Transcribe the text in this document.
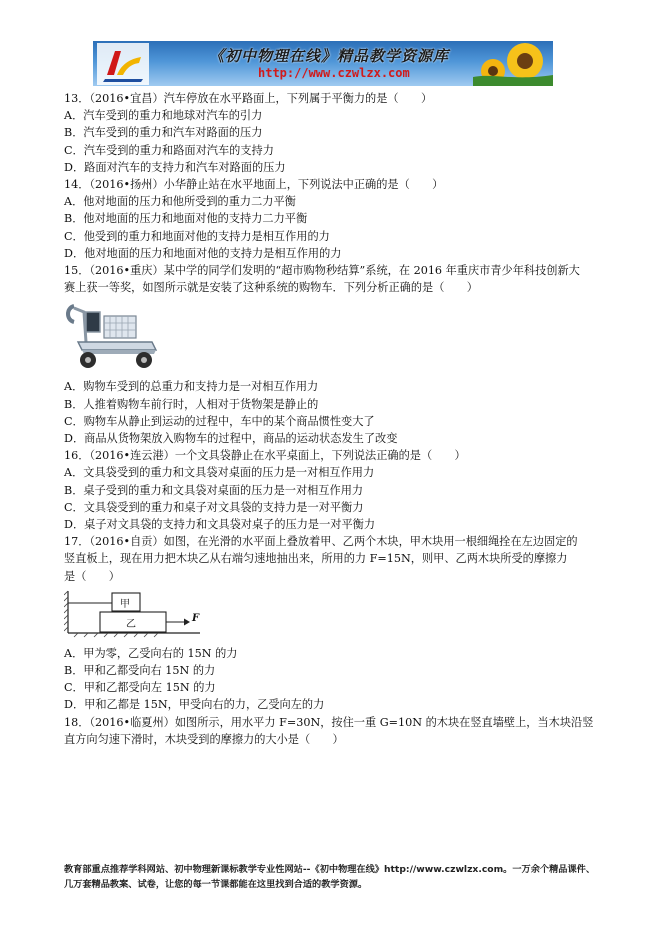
《初中物理在线》精品教学资源库
http://www.czwlzx.com

13．（2016•宜昌）汽车停放在水平路面上，下列属于平衡力的是（　　）

A．汽车受到的重力和地球对汽车的引力

B．汽车受到的重力和汽车对路面的压力

C．汽车受到的重力和路面对汽车的支持力

D．路面对汽车的支持力和汽车对路面的压力

14．（2016•扬州）小华静止站在水平地面上，下列说法中正确的是（　　）

A．他对地面的压力和他所受到的重力二力平衡

B．他对地面的压力和地面对他的支持力二力平衡

C．他受到的重力和地面对他的支持力是相互作用的力

D．他对地面的压力和地面对他的支持力是相互作用的力

15．（2016•重庆）某中学的同学们发明的“超市购物秒结算”系统，在 2016 年重庆市青少年科技创新大

赛上获一等奖，如图所示就是安装了这种系统的购物车．下列分析正确的是（　　）

A．购物车受到的总重力和支持力是一对相互作用力

B．人推着购物车前行时，人相对于货物架是静止的

C．购物车从静止到运动的过程中，车中的某个商品惯性变大了

D．商品从货物架放入购物车的过程中，商品的运动状态发生了改变

16．（2016•连云港）一个文具袋静止在水平桌面上，下列说法正确的是（　　）

A．文具袋受到的重力和文具袋对桌面的压力是一对相互作用力

B．桌子受到的重力和文具袋对桌面的压力是一对相互作用力

C．文具袋受到的重力和桌子对文具袋的支持力是一对平衡力

D．桌子对文具袋的支持力和文具袋对桌子的压力是一对平衡力

17．（2016•自贡）如图，在光滑的水平面上叠放着甲、乙两个木块，甲木块用一根细绳拴在左边固定的

竖直板上，现在用力把木块乙从右端匀速地抽出来，所用的力 F=15N，则甲、乙两木块所受的摩擦力

是（　　）

甲
乙
F

A．甲为零，乙受向右的 15N 的力

B．甲和乙都受向右 15N 的力

C．甲和乙都受向左 15N 的力

D．甲和乙都是 15N，甲受向右的力，乙受向左的力

18．（2016•临夏州）如图所示，用水平力 F=30N，按住一重 G=10N 的木块在竖直墙壁上，当木块沿竖

直方向匀速下滑时，木块受到的摩擦力的大小是（　　）

教育部重点推荐学科网站、初中物理新课标教学专业性网站--《初中物理在线》http://www.czwlzx.com。一万余个精品课件、
几万套精品教案、试卷，让您的每一节课都能在这里找到合适的教学资源。
